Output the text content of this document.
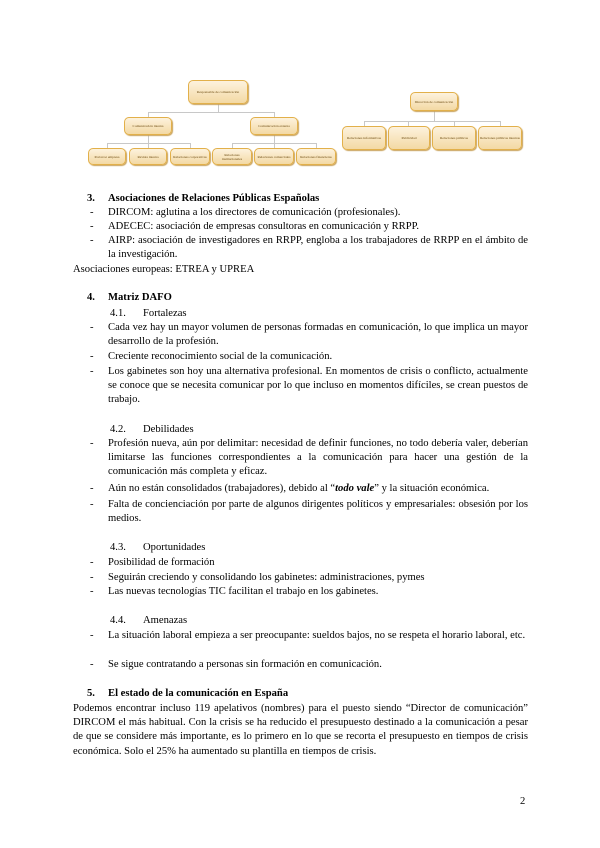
Responsable de comunicación
Comunicación interna	Comunicación externa
Portavoz empresa	Revista interna	Relaciones corporativas	Relaciones institucionales	Relaciones comerciales	Relaciones financieras
Dirección de comunicación
Relaciones informativas	Publicidad	Relaciones públicas	Relaciones públicas internas
3. Asociaciones de Relaciones Públicas Españolas
- DIRCOM: aglutina a los directores de comunicación (profesionales).
- ADECEC: asociación de empresas consultoras en comunicación y RRPP.
- AIRP: asociación de investigadores en RRPP, engloba a los trabajadores de RRPP en el ámbito de la investigación.
Asociaciones europeas: ETREA y UPREA
4. Matriz DAFO
4.1. Fortalezas
- Cada vez hay un mayor volumen de personas formadas en comunicación, lo que implica un mayor desarrollo de la profesión.
- Creciente reconocimiento social de la comunicación.
- Los gabinetes son hoy una alternativa profesional. En momentos de crisis o conflicto, actualmente se conoce que se necesita comunicar por lo que incluso en momentos difíciles, se crean puestos de trabajo.
4.2. Debilidades
- Profesión nueva, aún por delimitar: necesidad de definir funciones, no todo debería valer, deberían limitarse las funciones correspondientes a la comunicación para hacer una gestión de la comunicación más completa y eficaz.
- Aún no están consolidados (trabajadores), debido al “todo vale” y la situación económica.
- Falta de concienciación por parte de algunos dirigentes políticos y empresariales: obsesión por los medios.
4.3. Oportunidades
- Posibilidad de formación
- Seguirán creciendo y consolidando los gabinetes: administraciones, pymes
- Las nuevas tecnologías TIC facilitan el trabajo en los gabinetes.
4.4. Amenazas
- La situación laboral empieza a ser preocupante: sueldos bajos, no se respeta el horario laboral, etc.
- Se sigue contratando a personas sin formación en comunicación.
5. El estado de la comunicación en España
Podemos encontrar incluso 119 apelativos (nombres) para el puesto siendo “Director de comunicación” DIRCOM el más habitual. Con la crisis se ha reducido el presupuesto destinado a la comunicación a pesar de que se considere más importante, es lo primero en lo que se recorta el presupuesto en tiempos de crisis económica. Solo el 25% ha aumentado su plantilla en tiempos de crisis.
2
